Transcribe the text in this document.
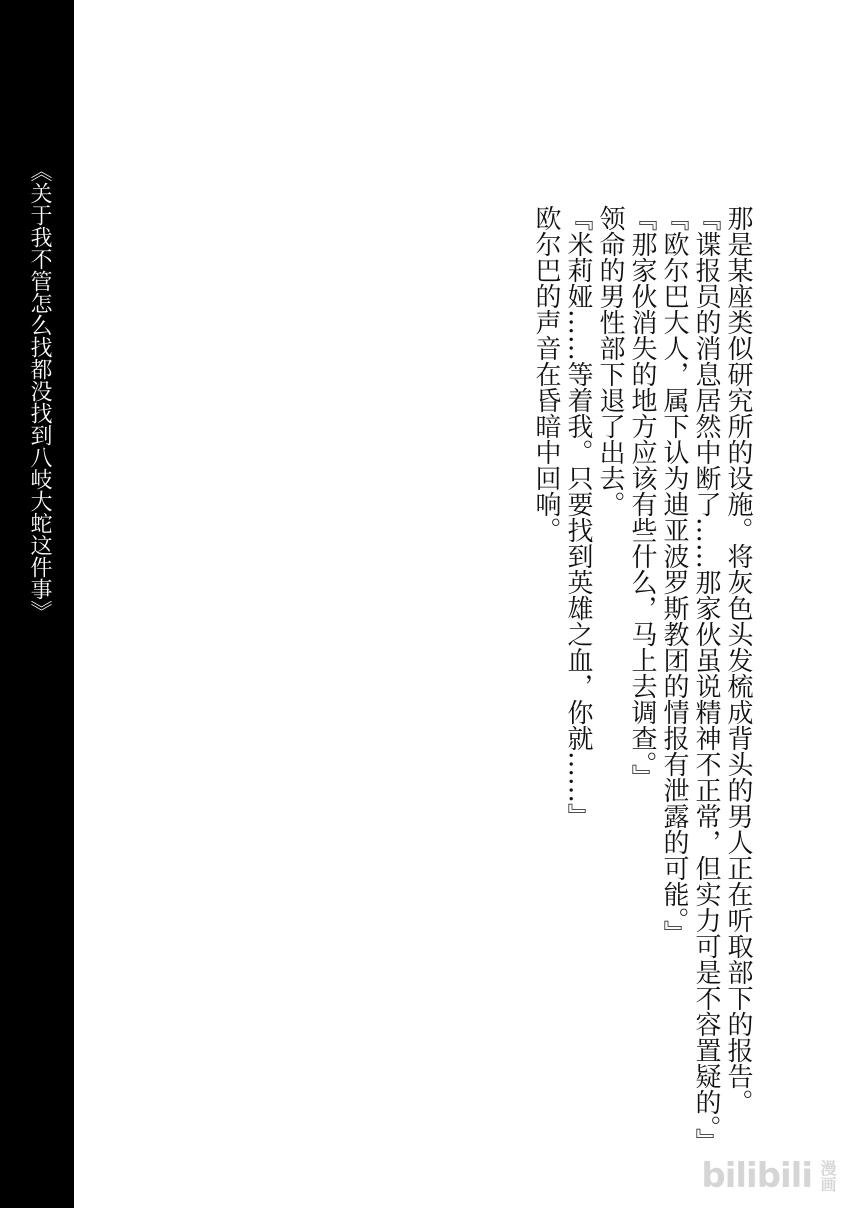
《关于我不管怎么找都没找到八岐大蛇这件事》	那是某座类似研究所的设施。将灰色头发梳成背头的男人正在听取部下的报告。

『谍报员的消息居然中断了……那家伙虽说精神不正常，但实力可是不容置疑的。』

『欧尔巴大人，属下认为迪亚波罗斯教团的情报有泄露的可能。』

『那家伙消失的地方应该有些什么，马上去调查。』

领命的男性部下退了出去。

『米莉娅……等着我。只要找到英雄之血，你就……』

欧尔巴的声音在昏暗中回响。

bilibili 漫画
